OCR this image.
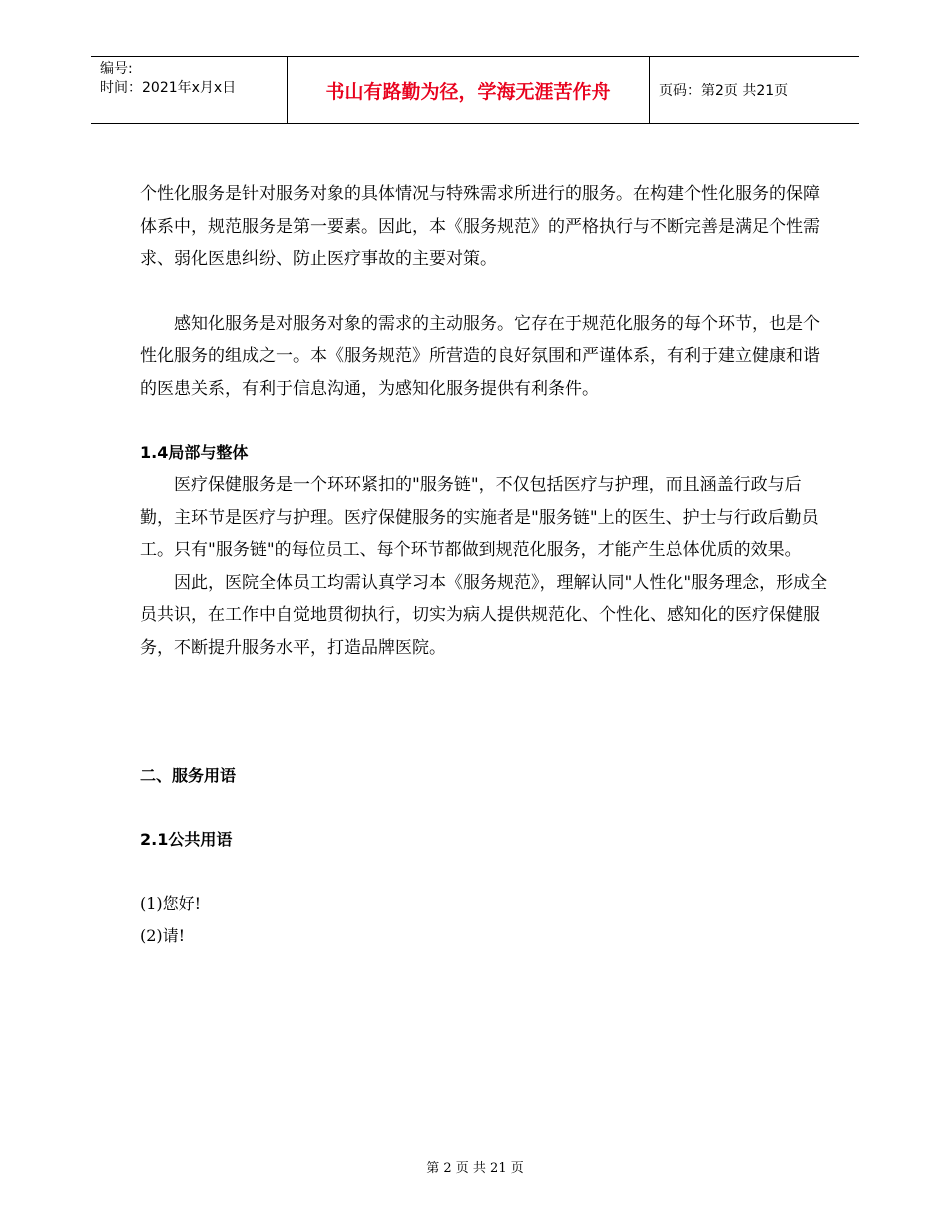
编号:
时间：2021年x月x日	书山有路勤为径，学海无涯苦作舟	页码：第2页 共21页

个性化服务是针对服务对象的具体情况与特殊需求所进行的服务。在构建个性化服务的保障体系中，规范服务是第一要素。因此，本《服务规范》的严格执行与不断完善是满足个性需求、弱化医患纠纷、防止医疗事故的主要对策。

感知化服务是对服务对象的需求的主动服务。它存在于规范化服务的每个环节，也是个性化服务的组成之一。本《服务规范》所营造的良好氛围和严谨体系，有利于建立健康和谐的医患关系，有利于信息沟通，为感知化服务提供有利条件。

1.4局部与整体

医疗保健服务是一个环环紧扣的"服务链"，不仅包括医疗与护理，而且涵盖行政与后勤，主环节是医疗与护理。医疗保健服务的实施者是"服务链"上的医生、护士与行政后勤员工。只有"服务链"的每位员工、每个环节都做到规范化服务，才能产生总体优质的效果。

因此，医院全体员工均需认真学习本《服务规范》，理解认同"人性化"服务理念，形成全员共识，在工作中自觉地贯彻执行，切实为病人提供规范化、个性化、感知化的医疗保健服务，不断提升服务水平，打造品牌医院。

二、服务用语

2.1公共用语

(1)您好!

(2)请!

第 2 页 共 21 页
